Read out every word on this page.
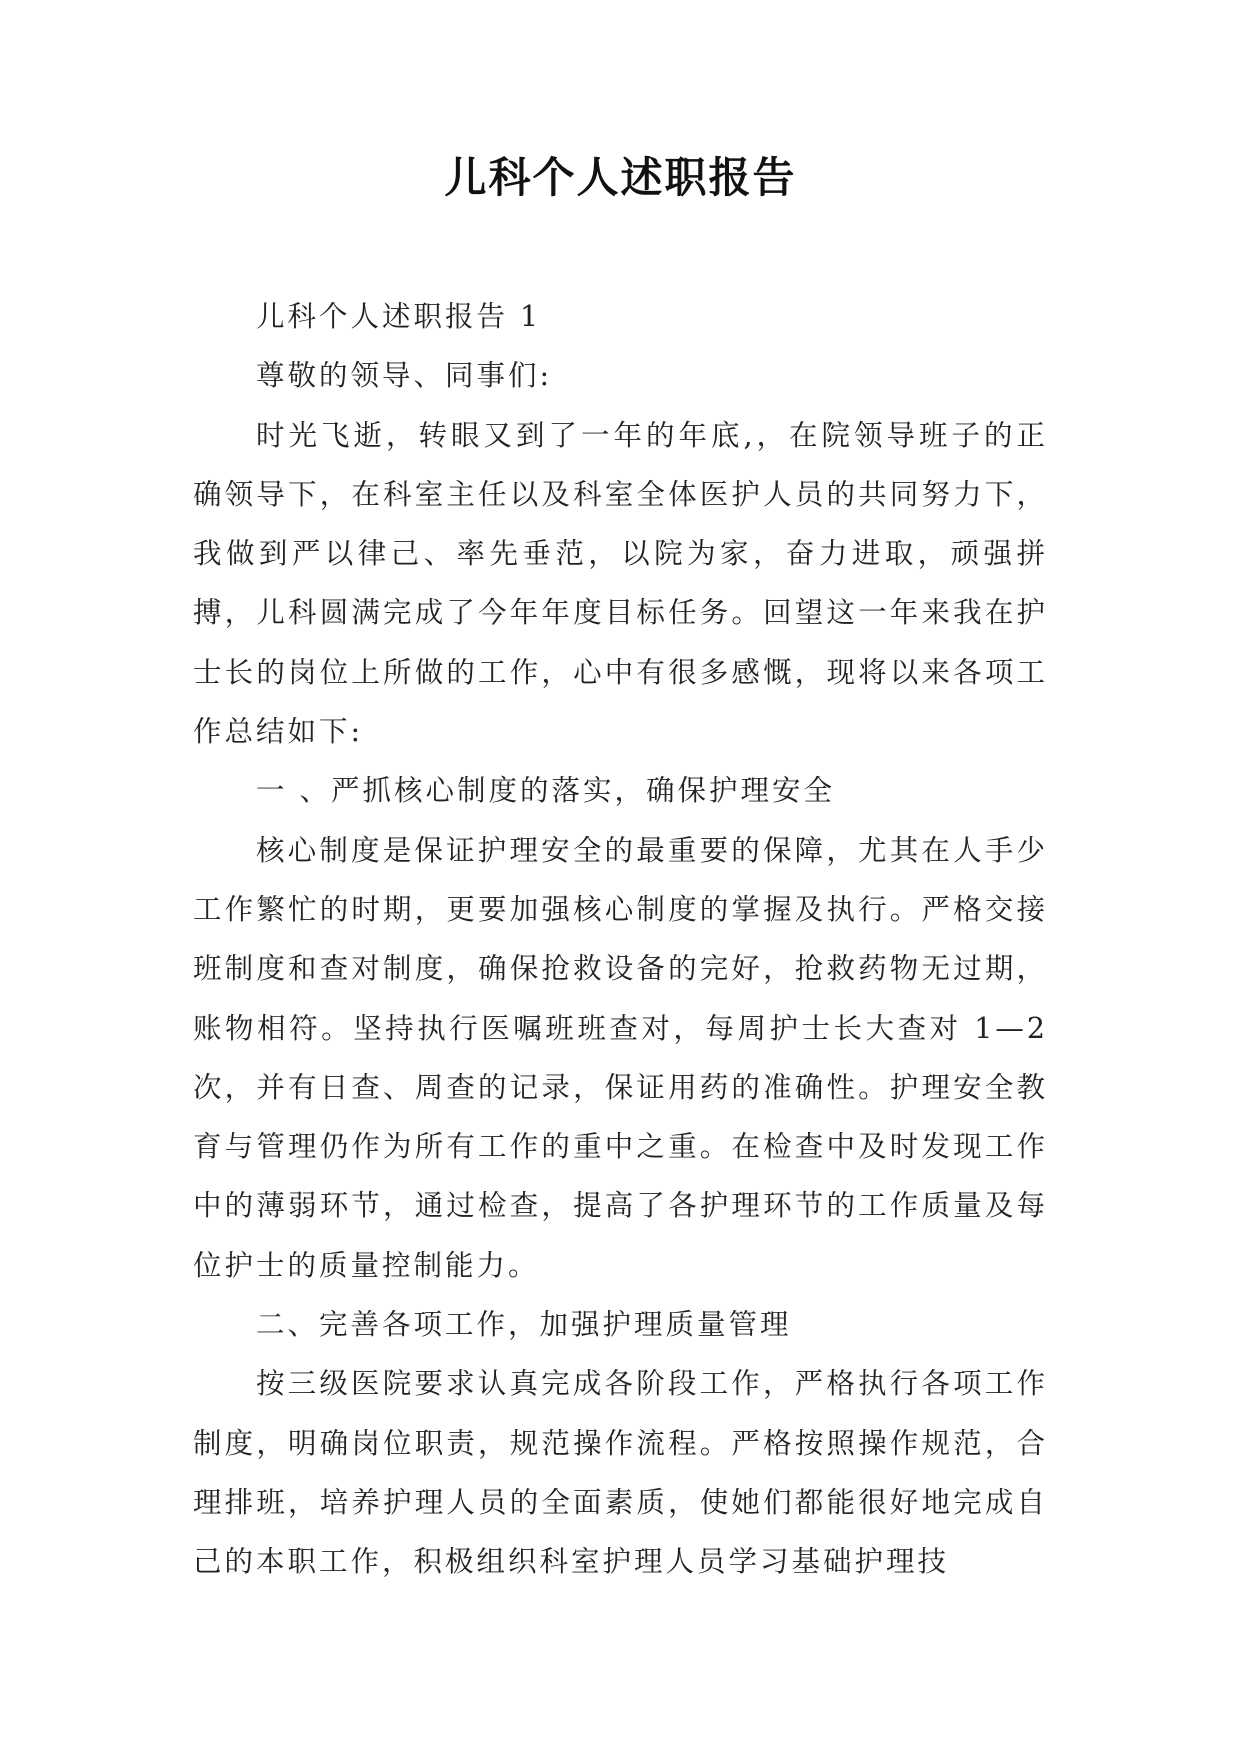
儿科个人述职报告

儿科个人述职报告 1

尊敬的领导、同事们:

时光飞逝，转眼又到了一年的年底,，在院领导班子的正确领导下，在科室主任以及科室全体医护人员的共同努力下，我做到严以律己、率先垂范，以院为家，奋力进取，顽强拼搏，儿科圆满完成了今年年度目标任务。回望这一年来我在护士长的岗位上所做的工作，心中有很多感慨，现将以来各项工作总结如下:

一 、严抓核心制度的落实，确保护理安全

核心制度是保证护理安全的最重要的保障，尤其在人手少工作繁忙的时期，更要加强核心制度的掌握及执行。严格交接班制度和查对制度，确保抢救设备的完好，抢救药物无过期，账物相符。坚持执行医嘱班班查对，每周护士长大查对 1—2 次，并有日查、周查的记录，保证用药的准确性。护理安全教育与管理仍作为所有工作的重中之重。在检查中及时发现工作中的薄弱环节，通过检查，提高了各护理环节的工作质量及每位护士的质量控制能力。

二、完善各项工作，加强护理质量管理

按三级医院要求认真完成各阶段工作，严格执行各项工作制度，明确岗位职责，规范操作流程。严格按照操作规范，合理排班，培养护理人员的全面素质，使她们都能很好地完成自己的本职工作，积极组织科室护理人员学习基础护理技
